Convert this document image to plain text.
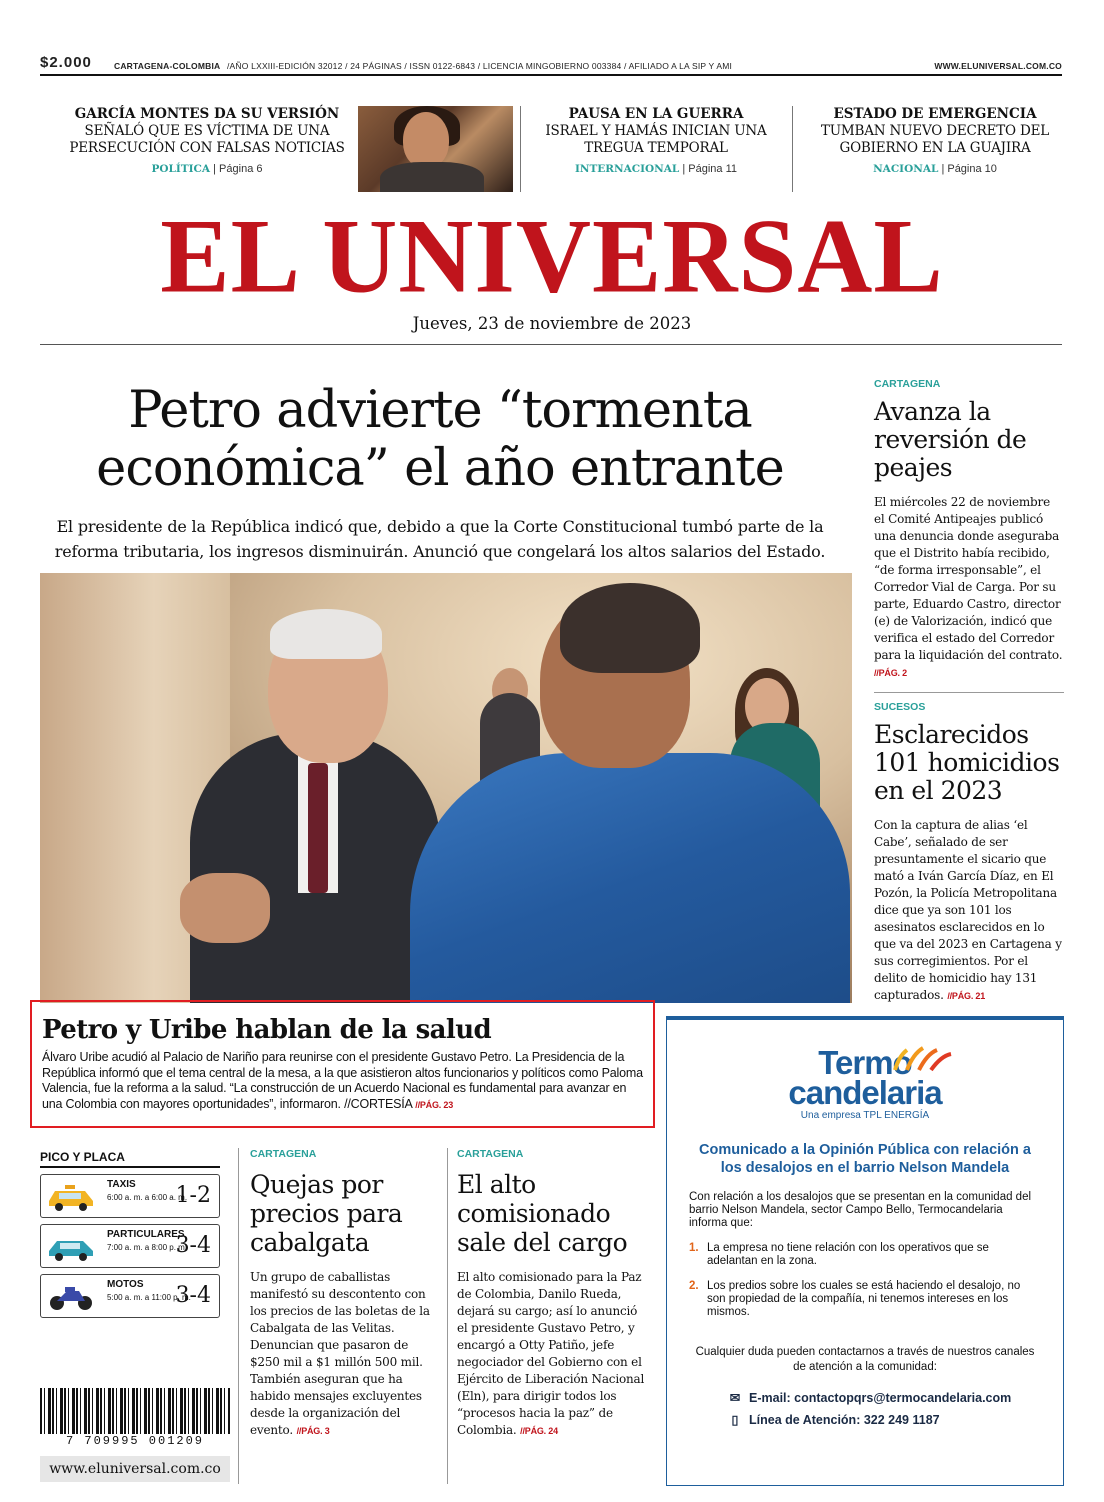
$2.000	CARTAGENA-COLOMBIA /AÑO LXXIII-EDICIÓN 32012 / 24 PÁGINAS / ISSN 0122-6843 / LICENCIA MINGOBIERNO 003384 / AFILIADO A LA SIP Y AMI	WWW.ELUNIVERSAL.COM.CO
GARCÍA MONTES DA SU VERSIÓN
SEÑALÓ QUE ES VÍCTIMA DE UNA PERSECUCIÓN CON FALSAS NOTICIAS
POLÍTICA | Página 6
PAUSA EN LA GUERRA
ISRAEL Y HAMÁS INICIAN UNA TREGUA TEMPORAL
INTERNACIONAL | Página 11
ESTADO DE EMERGENCIA
TUMBAN NUEVO DECRETO DEL GOBIERNO EN LA GUAJIRA
NACIONAL | Página 10
EL UNIVERSAL
Jueves, 23 de noviembre de 2023
Petro advierte “tormenta económica” el año entrante
El presidente de la República indicó que, debido a que la Corte Constitucional tumbó parte de la reforma tributaria, los ingresos disminuirán. Anunció que congelará los altos salarios del Estado.
CARTAGENA
Avanza la reversión de peajes
El miércoles 22 de noviembre el Comité Antipeajes publicó una denuncia donde aseguraba que el Distrito había recibido, “de forma irresponsable”, el Corredor Vial de Carga. Por su parte, Eduardo Castro, director (e) de Valorización, indicó que verifica el estado del Corredor para la liquidación del contrato. //PÁG. 2
SUCESOS
Esclarecidos 101 homicidios en el 2023
Con la captura de alias ‘el Cabe’, señalado de ser presuntamente el sicario que mató a Iván García Díaz, en El Pozón, la Policía Metropolitana dice que ya son 101 los asesinatos esclarecidos en lo que va del 2023 en Cartagena y sus corregimientos. Por el delito de homicidio hay 131 capturados. //PÁG. 21
Petro y Uribe hablan de la salud
Álvaro Uribe acudió al Palacio de Nariño para reunirse con el presidente Gustavo Petro. La Presidencia de la República informó que el tema central de la mesa, a la que asistieron altos funcionarios y políticos como Paloma Valencia, fue la reforma a la salud. “La construcción de un Acuerdo Nacional es fundamental para avanzar en una Colombia con mayores oportunidades”, informaron. //CORTESÍA //PÁG. 23
PICO Y PLACA
TAXIS
6:00 a. m. a 6:00 a. m.
1-2
PARTICULARES
7:00 a. m. a 8:00 p. m.
3-4
MOTOS
5:00 a. m. a 11:00 p. m.
3-4
7 709995 001209
www.eluniversal.com.co
CARTAGENA
Quejas por precios para cabalgata
Un grupo de caballistas manifestó su descontento con los precios de las boletas de la Cabalgata de las Velitas. Denuncian que pasaron de $250 mil a $1 millón 500 mil. También aseguran que ha habido mensajes excluyentes desde la organización del evento. //PÁG. 3
CARTAGENA
El alto comisionado sale del cargo
El alto comisionado para la Paz de Colombia, Danilo Rueda, dejará su cargo; así lo anunció el presidente Gustavo Petro, y encargó a Otty Patiño, jefe negociador del Gobierno con el Ejército de Liberación Nacional (Eln), para dirigir todos los “procesos hacia la paz” de Colombia. //PÁG. 24
Termo
candelaria
Una empresa TPL ENERGÍA
Comunicado a la Opinión Pública con relación a los desalojos en el barrio Nelson Mandela
Con relación a los desalojos que se presentan en la comunidad del barrio Nelson Mandela, sector Campo Bello, Termocandelaria informa que:
1. La empresa no tiene relación con los operativos que se adelantan en la zona.
2. Los predios sobre los cuales se está haciendo el desalojo, no son propiedad de la compañía, ni tenemos intereses en los mismos.
Cualquier duda pueden contactarnos a través de nuestros canales de atención a la comunidad:
✉ E-mail: contactopqrs@termocandelaria.com
▯ Línea de Atención: 322 249 1187
